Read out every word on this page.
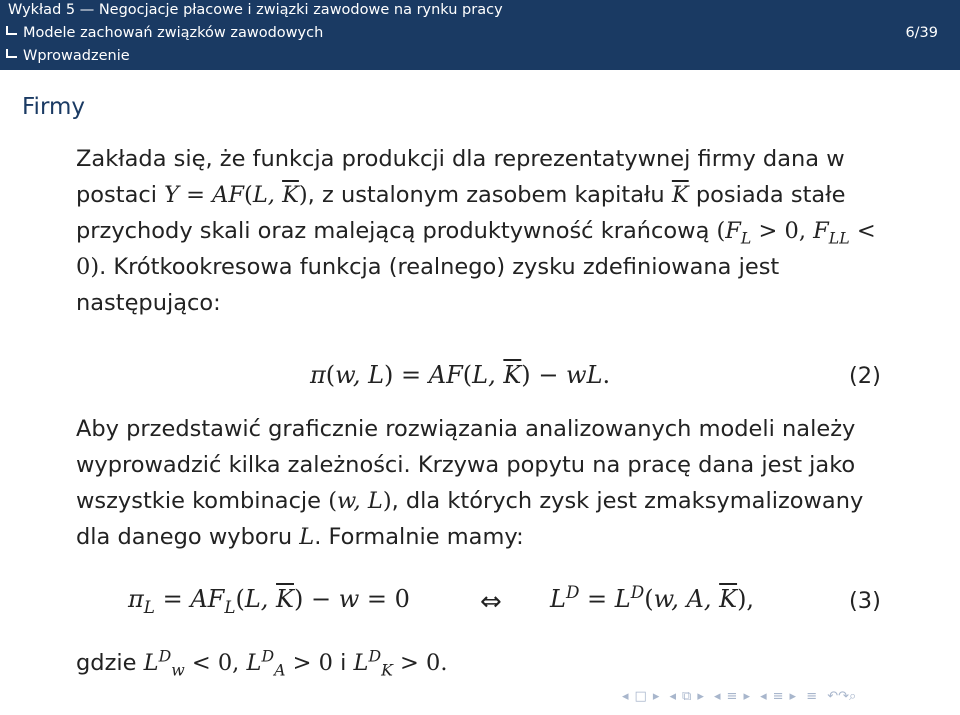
Wykład 5 — Negocjacje płacowe i związki zawodowe na rynku pracy
Modele zachowań związków zawodowych
Wprowadzenie
6/39
Firmy
Zakłada się, że funkcja produkcji dla reprezentatywnej firmy dana w postaci Y = AF(L, $\overline{K}$), z ustalonym zasobem kapitału $\overline{K}$ posiada stałe przychody skali oraz malejącą produktywność krańcową ($F_L > 0$, $F_{LL} < 0$). Krótkookresowa funkcja (realnego) zysku zdefiniowana jest następująco:
π(w, L) = AF(L, $\overline{K}$) − wL.	(2)
Aby przedstawić graficznie rozwiązania analizowanych modeli należy wyprowadzić kilka zależności. Krzywa popytu na pracę dana jest jako wszystkie kombinacje (w, L), dla których zysk jest zmaksymalizowany dla danego wyboru L. Formalnie mamy:
$\pi_L = AF_L(L$, $\overline{K}) - w = 0$	⇔ $L^D = L^D(w$, A, $\overline{K}$),	(3)
gdzie $L^D_w < 0$, $L^D_A > 0$ i $L^D_K > 0$.
◂ □ ▸ ◂ ⧉ ▸ ◂ ≡ ▸ ◂ ≡ ▸ ≡ ↶↷⌕
